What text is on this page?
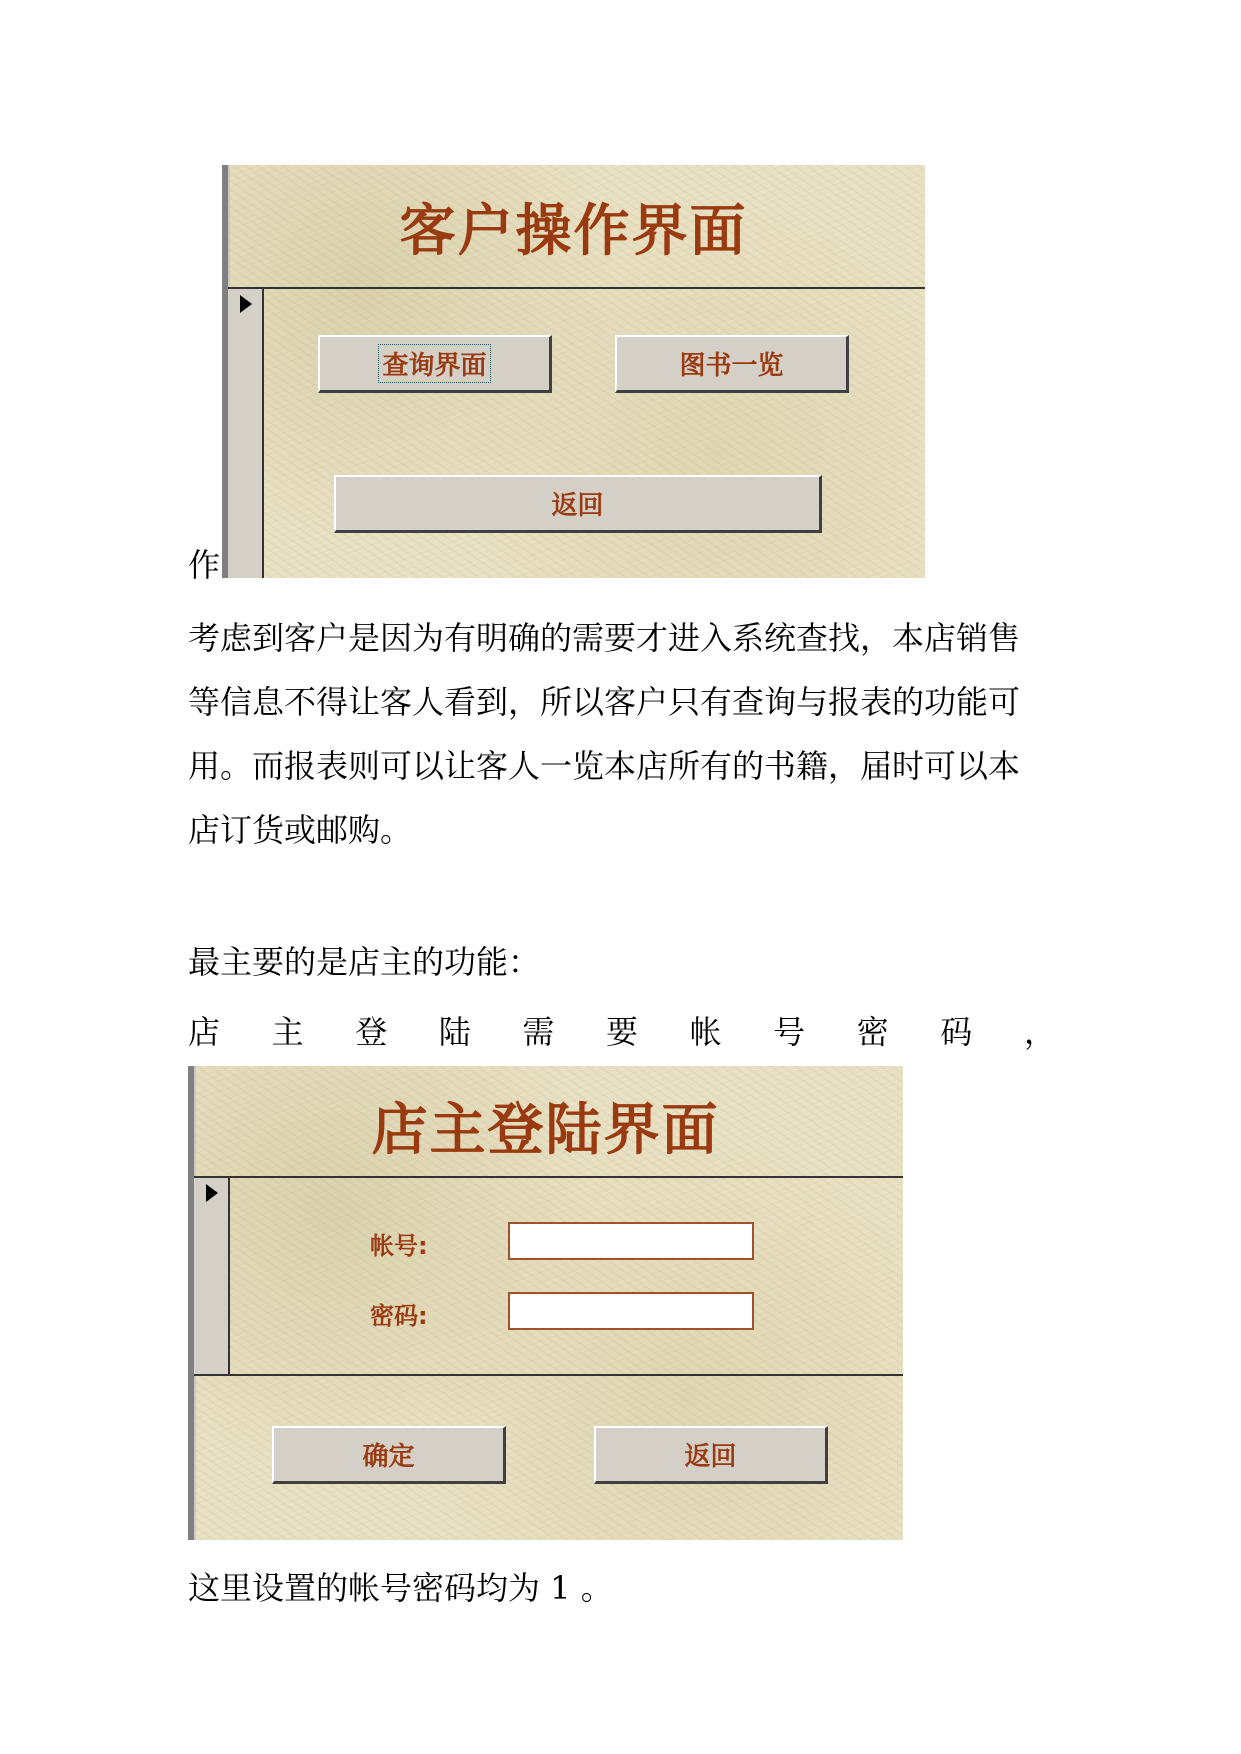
作
客户操作界面
查询界面	图书一览
返回
考虑到客户是因为有明确的需要才进入系统查找，本店销售
等信息不得让客人看到，所以客户只有查询与报表的功能可
用。而报表则可以让客人一览本店所有的书籍，届时可以本
店订货或邮购。
最主要的是店主的功能：
店 主 登 陆 需 要 帐 号 密 码 ，
店主登陆界面
帐号:
密码:
确定	返回
这里设置的帐号密码均为 1 。
